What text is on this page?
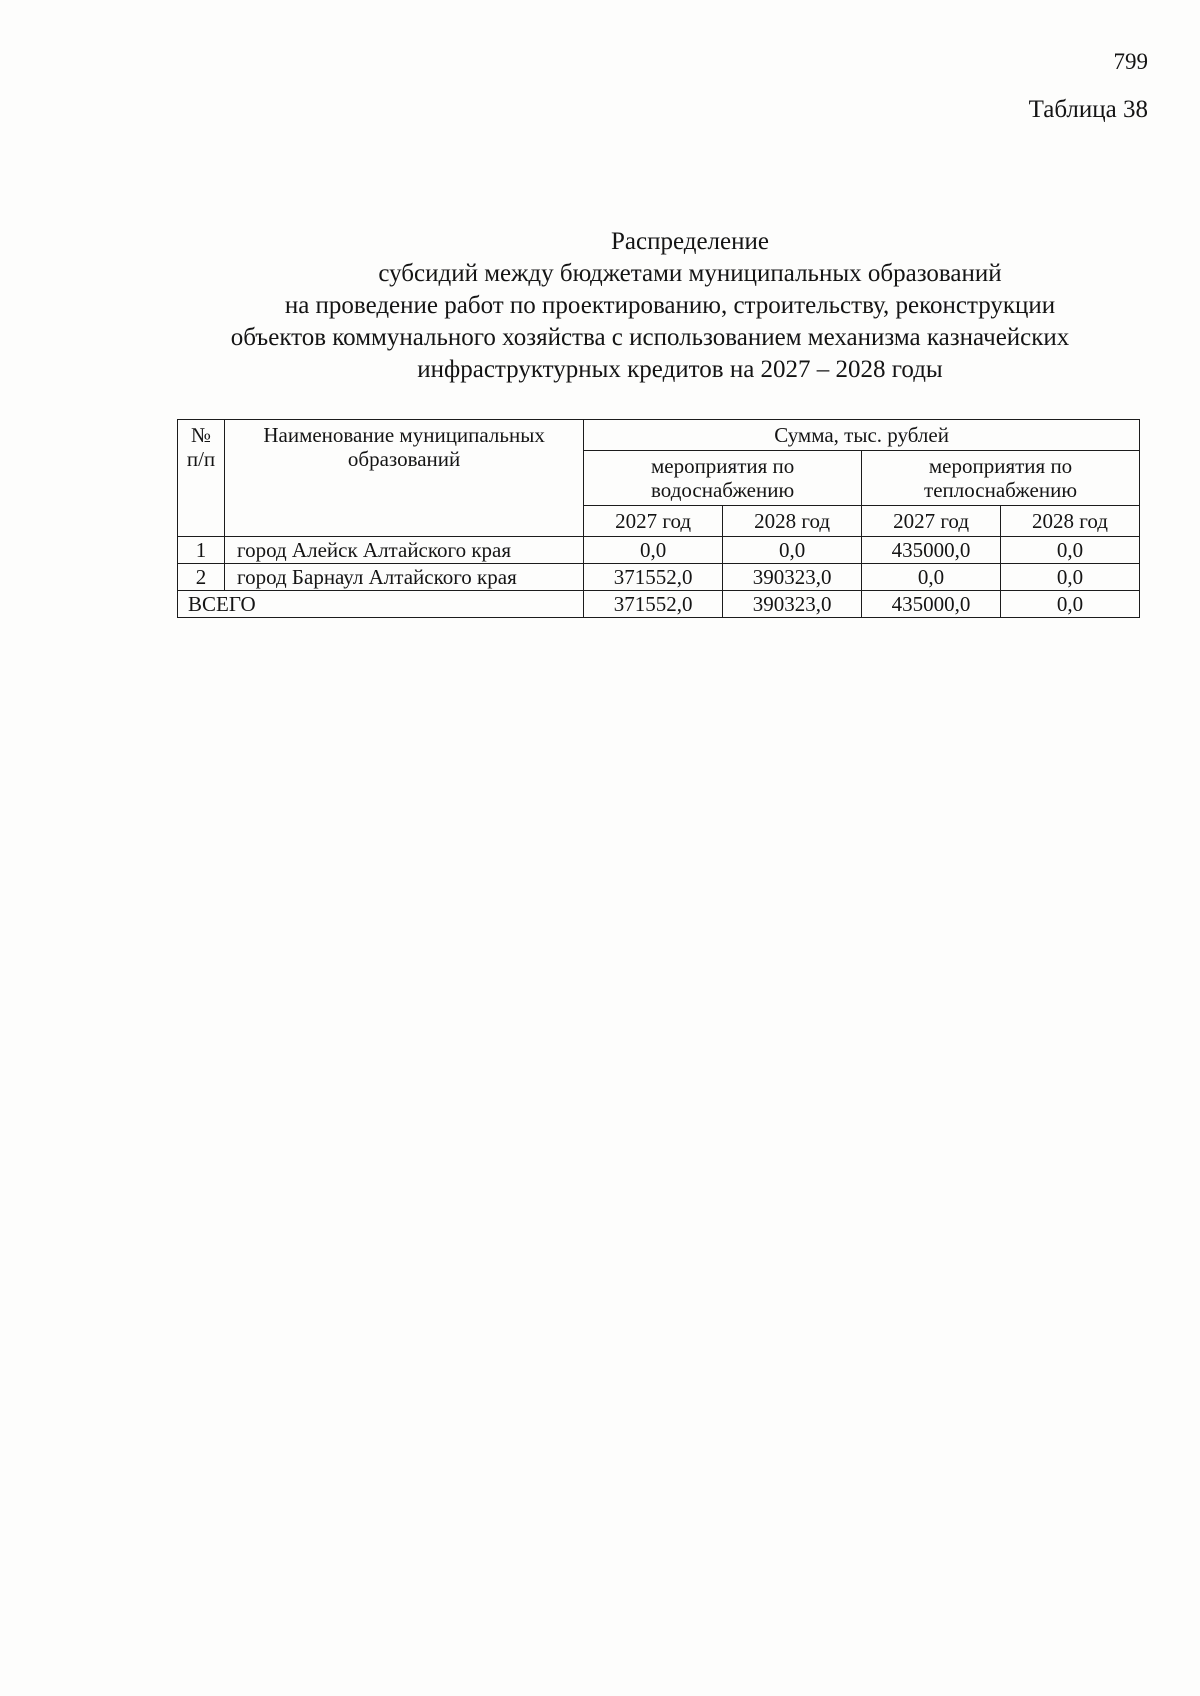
799
Таблица 38
Распределение
субсидий между бюджетами муниципальных образований
на проведение работ по проектированию, строительству, реконструкции
объектов коммунального хозяйства с использованием механизма казначейских
инфраструктурных кредитов на 2027 – 2028 годы
№ п/п	Наименование муниципальных образований	Сумма, тыс. рублей			
		мероприятия по водоснабжению		мероприятия по теплоснабжению	
		2027 год	2028 год	2027 год	2028 год
1	город Алейск Алтайского края	0,0	0,0	435000,0	0,0
2	город Барнаул Алтайского края	371552,0	390323,0	0,0	0,0
ВСЕГО		371552,0	390323,0	435000,0	0,0
